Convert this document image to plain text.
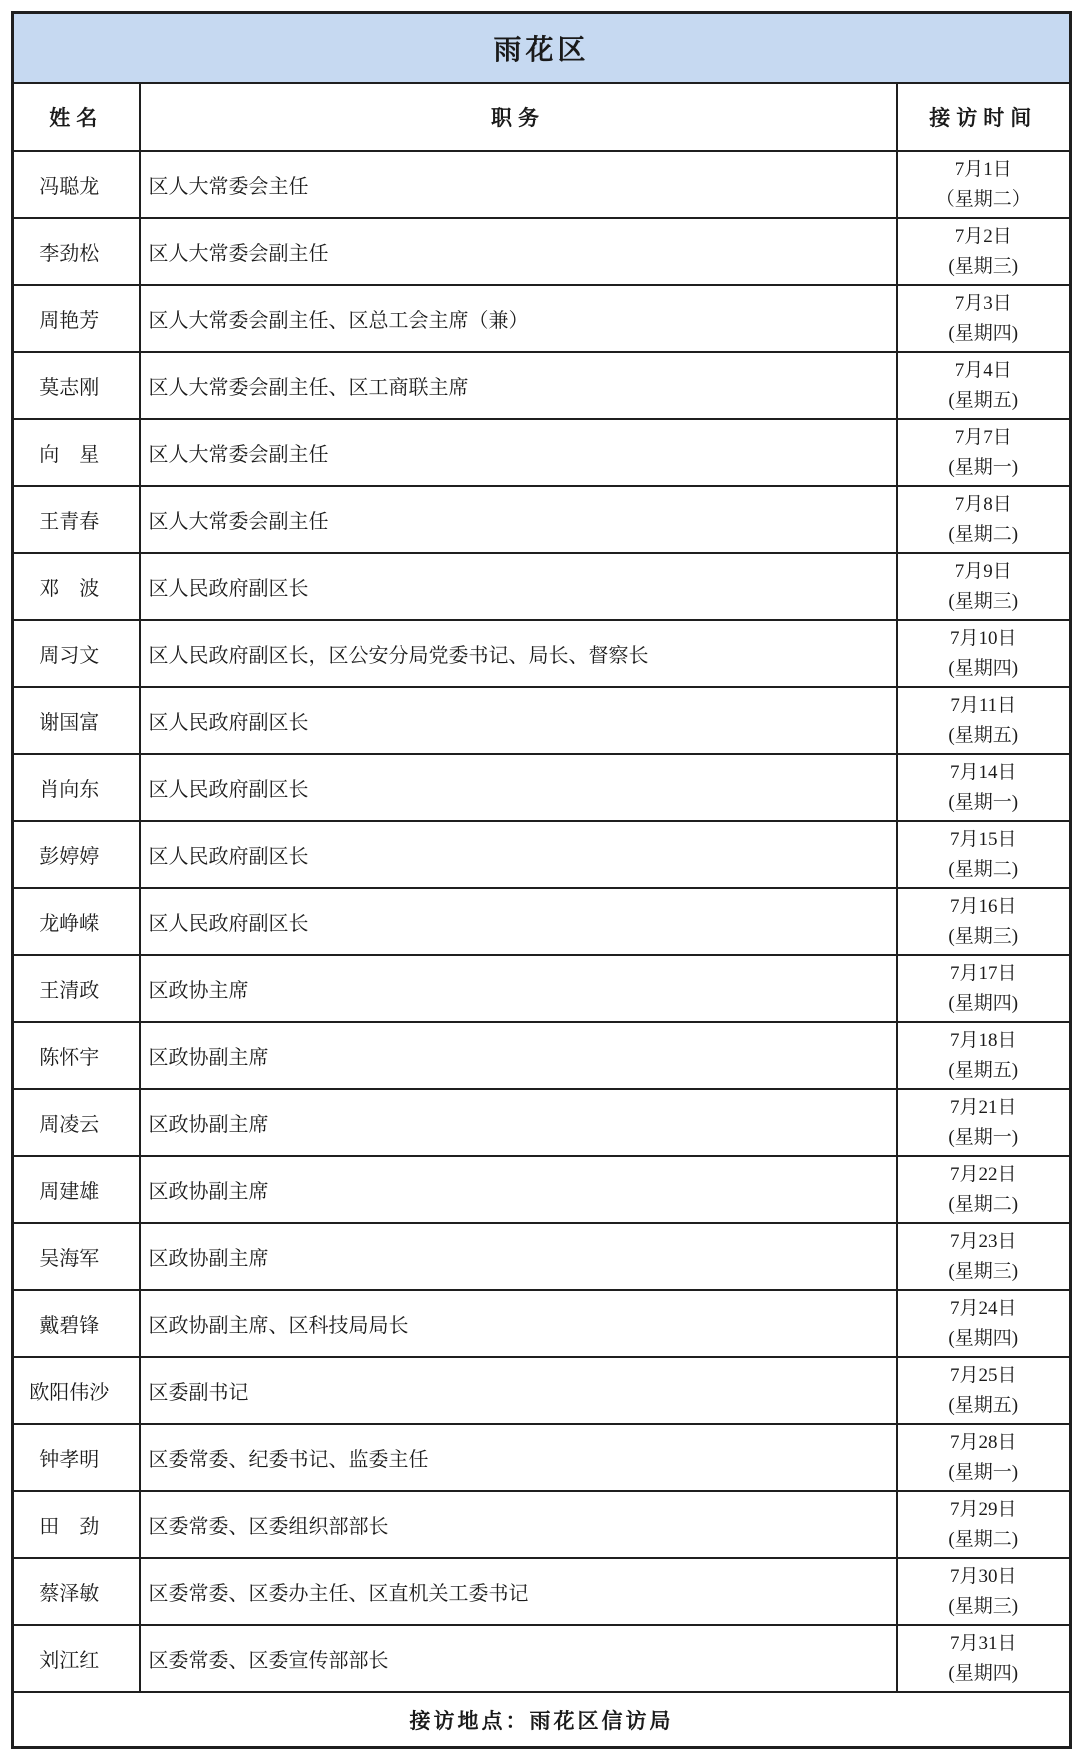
雨花区		
姓名	职务	接访时间
冯聪龙	区人大常委会主任	7月1日
（星期二）

李劲松	区人大常委会副主任	7月2日
(星期三)

周艳芳	区人大常委会副主任、区总工会主席（兼）	7月3日
(星期四)

莫志刚	区人大常委会副主任、区工商联主席	7月4日
(星期五)

向　星	区人大常委会副主任	7月7日
(星期一)

王青春	区人大常委会副主任	7月8日
(星期二)

邓　波	区人民政府副区长	7月9日
(星期三)

周习文	区人民政府副区长，区公安分局党委书记、局长、督察长	7月10日
(星期四)

谢国富	区人民政府副区长	7月11日
(星期五)

肖向东	区人民政府副区长	7月14日
(星期一)

彭婷婷	区人民政府副区长	7月15日
(星期二)

龙峥嵘	区人民政府副区长	7月16日
(星期三)

王清政	区政协主席	7月17日
(星期四)

陈怀宇	区政协副主席	7月18日
(星期五)

周凌云	区政协副主席	7月21日
(星期一)

周建雄	区政协副主席	7月22日
(星期二)

吴海军	区政协副主席	7月23日
(星期三)

戴碧锋	区政协副主席、区科技局局长	7月24日
(星期四)

欧阳伟沙	区委副书记	7月25日
(星期五)

钟孝明	区委常委、纪委书记、监委主任	7月28日
(星期一)

田　劲	区委常委、区委组织部部长	7月29日
(星期二)

蔡泽敏	区委常委、区委办主任、区直机关工委书记	7月30日
(星期三)

刘江红	区委常委、区委宣传部部长	7月31日
(星期四)

接访地点：雨花区信访局		
